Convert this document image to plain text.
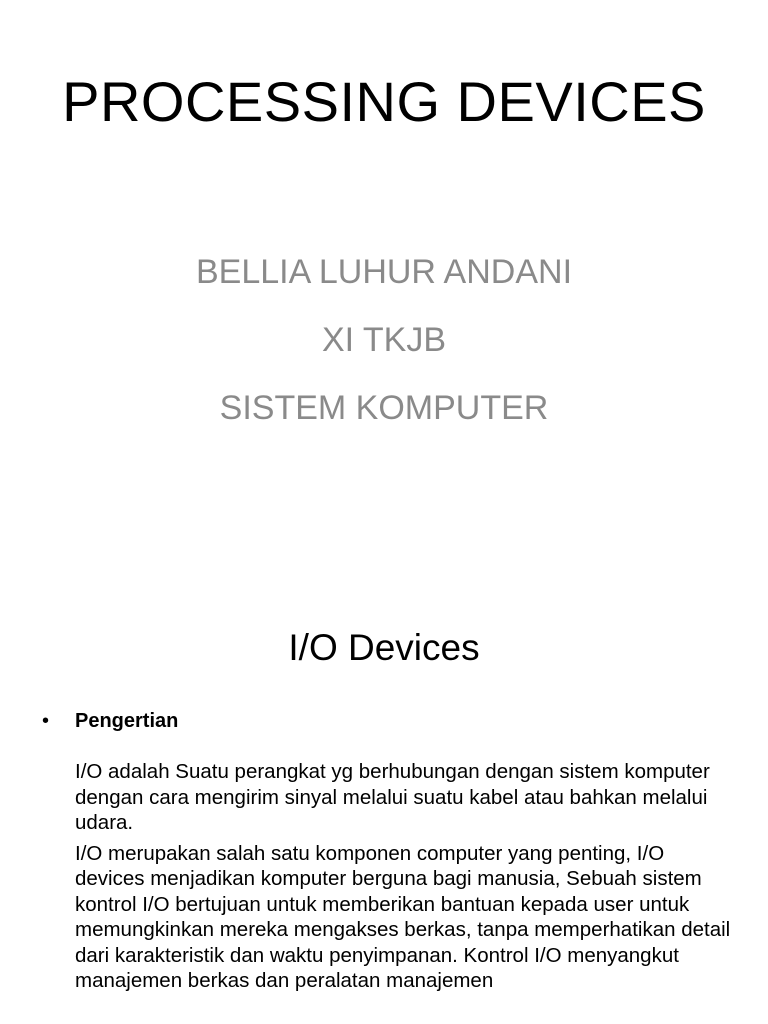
PROCESSING DEVICES
BELLIA LUHUR ANDANI
XI TKJB
SISTEM KOMPUTER
I/O Devices
• Pengertian

I/O adalah Suatu perangkat yg berhubungan dengan sistem komputer dengan cara mengirim sinyal melalui suatu kabel atau bahkan melalui udara.

I/O merupakan salah satu komponen computer yang penting, I/O devices menjadikan komputer berguna bagi manusia, Sebuah sistem kontrol I/O bertujuan untuk memberikan bantuan kepada user untuk memungkinkan mereka mengakses berkas, tanpa memperhatikan detail dari karakteristik dan waktu penyimpanan. Kontrol I/O menyangkut manajemen berkas dan peralatan manajemen
